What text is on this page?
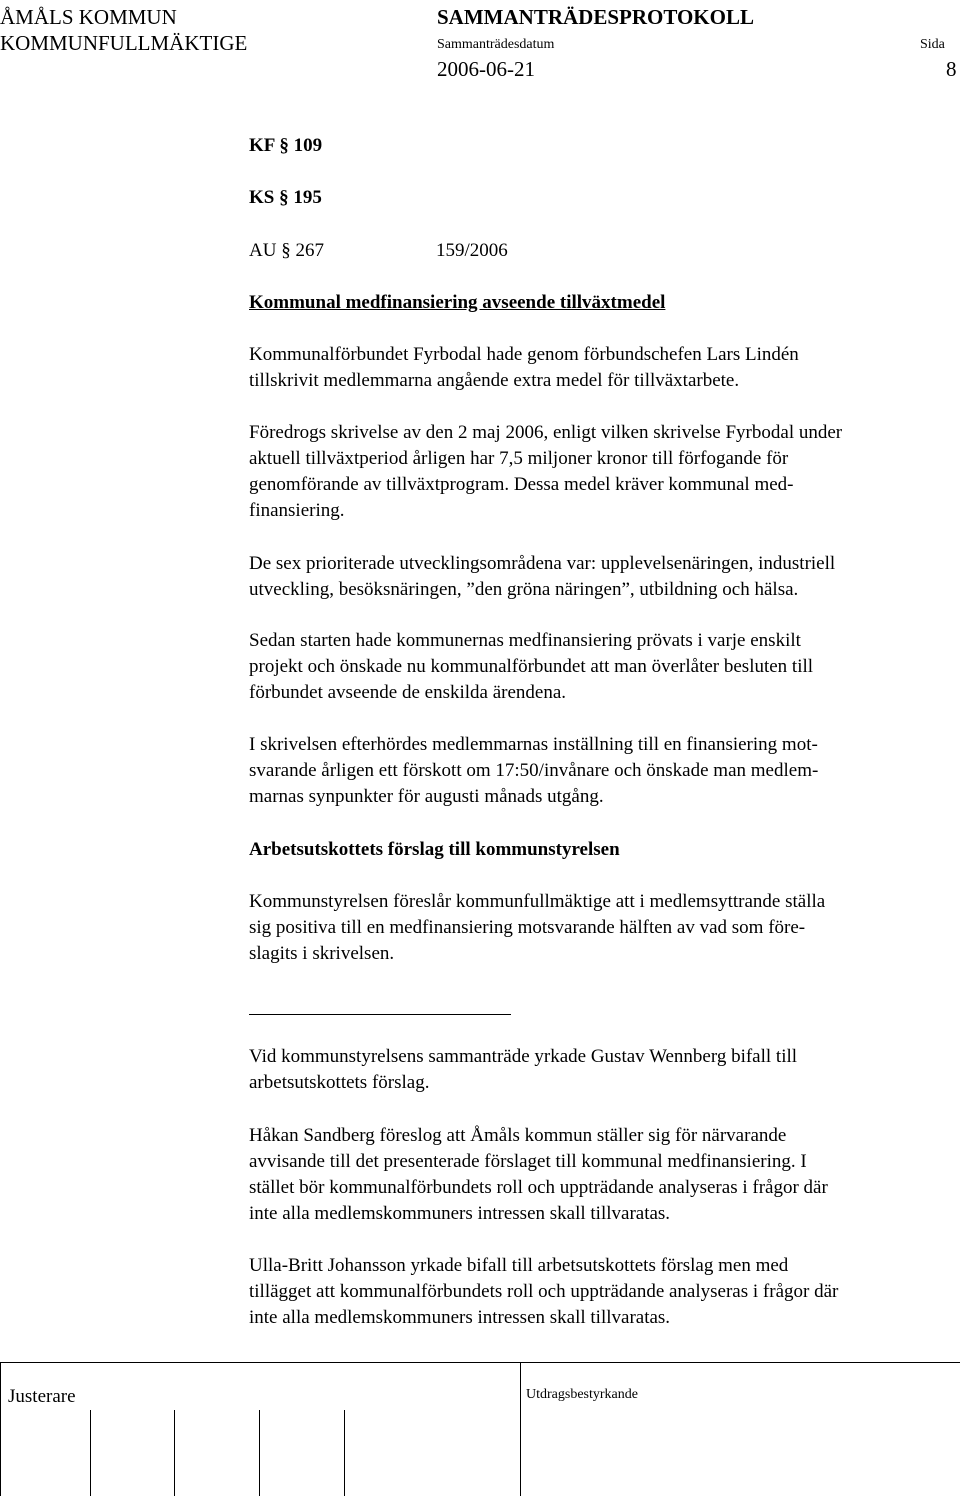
ÅMÅLS KOMMUN
KOMMUNFULLMÄKTIGE
SAMMANTRÄDESPROTOKOLL
Sammanträdesdatum
2006-06-21
Sida
8
KF § 109
KS § 195
AU § 267	159/2006
Kommunal medfinansiering avseende tillväxtmedel
Kommunalförbundet Fyrbodal hade genom förbundschefen Lars Lindén
tillskrivit medlemmarna angående extra medel för tillväxtarbete.
Föredrogs skrivelse av den 2 maj 2006, enligt vilken skrivelse Fyrbodal under
aktuell tillväxtperiod årligen har 7,5 miljoner kronor till förfogande för
genomförande av tillväxtprogram. Dessa medel kräver kommunal med-
finansiering.
De sex prioriterade utvecklingsområdena var: upplevelsenäringen, industriell
utveckling, besöksnäringen, ”den gröna näringen”, utbildning och hälsa.
Sedan starten hade kommunernas medfinansiering prövats i varje enskilt
projekt och önskade nu kommunalförbundet att man överlåter besluten till
förbundet avseende de enskilda ärendena.
I skrivelsen efterhördes medlemmarnas inställning till en finansiering mot-
svarande årligen ett förskott om 17:50/invånare och önskade man medlem-
marnas synpunkter för augusti månads utgång.
Arbetsutskottets förslag till kommunstyrelsen
Kommunstyrelsen föreslår kommunfullmäktige att i medlemsyttrande ställa
sig positiva till en medfinansiering motsvarande hälften av vad som före-
slagits i skrivelsen.
Vid kommunstyrelsens sammanträde yrkade Gustav Wennberg bifall till
arbetsutskottets förslag.
Håkan Sandberg föreslog att Åmåls kommun ställer sig för närvarande
avvisande till det presenterade förslaget till kommunal medfinansiering. I
stället bör kommunalförbundets roll och uppträdande analyseras i frågor där
inte alla medlemskommuners intressen skall tillvaratas.
Ulla-Britt Johansson yrkade bifall till arbetsutskottets förslag men med
tillägget att kommunalförbundets roll och uppträdande analyseras i frågor där
inte alla medlemskommuners intressen skall tillvaratas.
Justerare	Utdragsbestyrkande
